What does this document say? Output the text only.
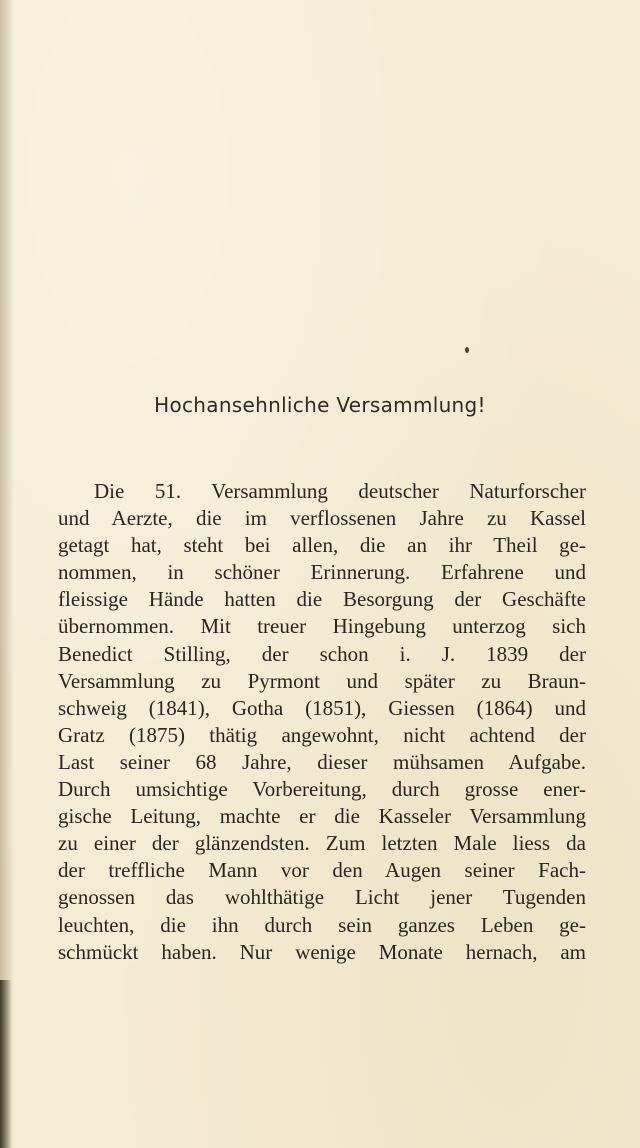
Hochansehnliche Versammlung!
Die 51. Versammlung deutscher Naturforscher
und Aerzte, die im verflossenen Jahre zu Kassel
getagt hat, steht bei allen, die an ihr Theil ge-
nommen, in schöner Erinnerung. Erfahrene und
fleissige Hände hatten die Besorgung der Geschäfte
übernommen. Mit treuer Hingebung unterzog sich
Benedict Stilling, der schon i. J. 1839 der
Versammlung zu Pyrmont und später zu Braun-
schweig (1841), Gotha (1851), Giessen (1864) und
Gratz (1875) thätig angewohnt, nicht achtend der
Last seiner 68 Jahre, dieser mühsamen Aufgabe.
Durch umsichtige Vorbereitung, durch grosse ener-
gische Leitung, machte er die Kasseler Versammlung
zu einer der glänzendsten. Zum letzten Male liess da
der treffliche Mann vor den Augen seiner Fach-
genossen das wohlthätige Licht jener Tugenden
leuchten, die ihn durch sein ganzes Leben ge-
schmückt haben. Nur wenige Monate hernach, am
